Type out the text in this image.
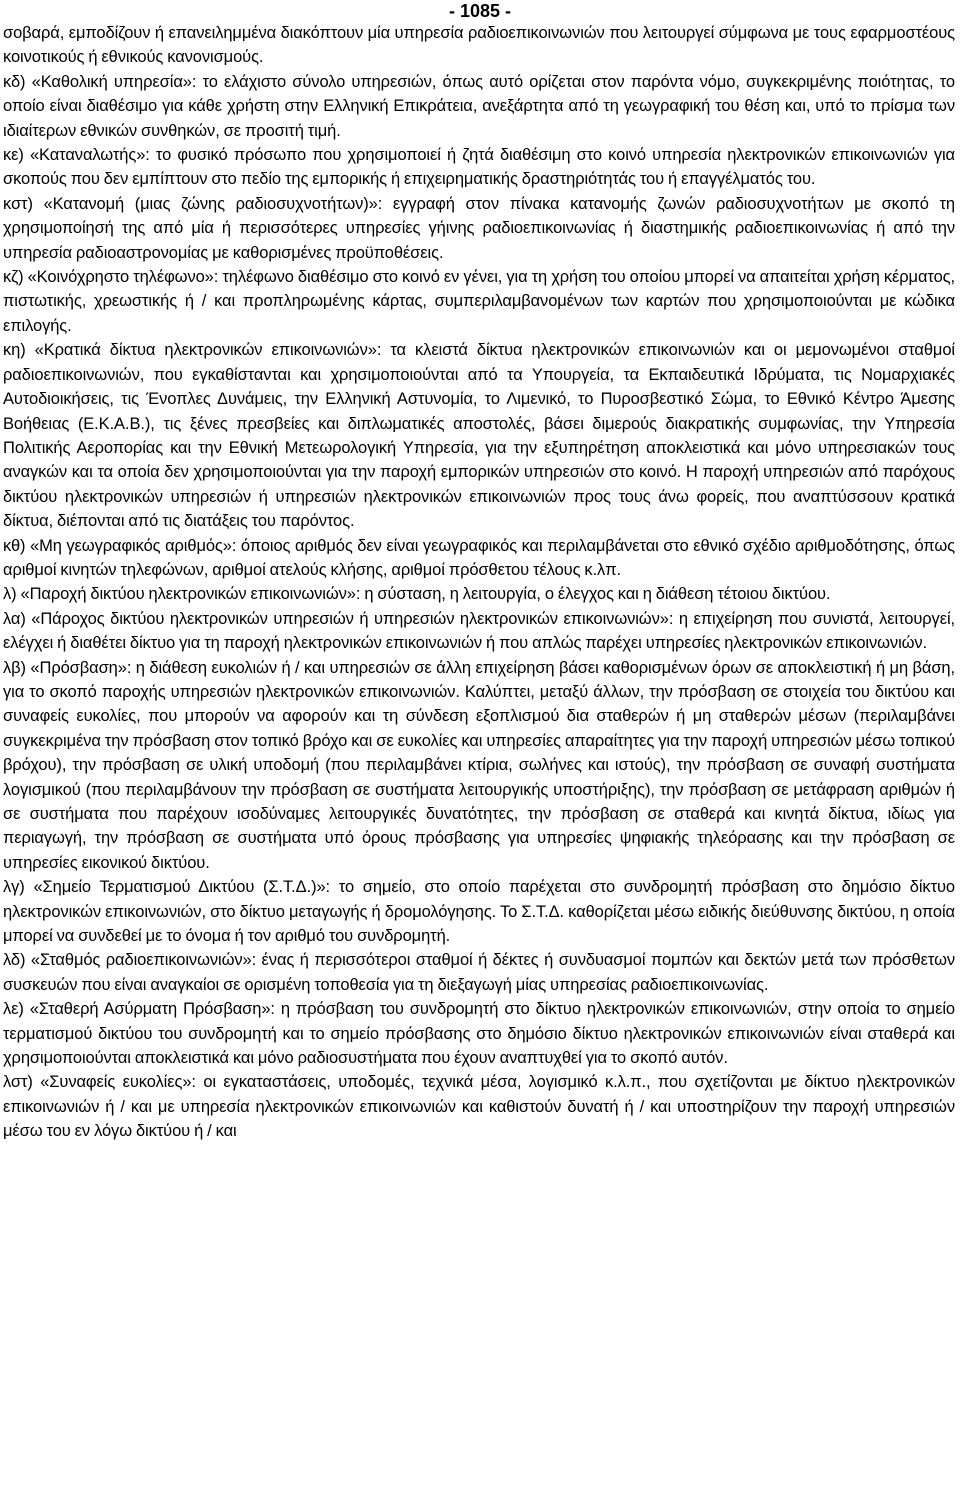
- 1085 -

σοβαρά, εμποδίζουν ή επανειλημμένα διακόπτουν μία υπηρεσία ραδιοεπικοινωνιών που λειτουργεί σύμφωνα με τους εφαρμοστέους κοινοτικούς ή εθνικούς κανονισμούς.

κδ) «Καθολική υπηρεσία»: το ελάχιστο σύνολο υπηρεσιών, όπως αυτό ορίζεται στον παρόντα νόμο, συγκεκριμένης ποιότητας, το οποίο είναι διαθέσιμο για κάθε χρήστη στην Ελληνική Επικράτεια, ανεξάρτητα από τη γεωγραφική του θέση και, υπό το πρίσμα των ιδιαίτερων εθνικών συνθηκών, σε προσιτή τιμή.

κε) «Καταναλωτής»: το φυσικό πρόσωπο που χρησιμοποιεί ή ζητά διαθέσιμη στο κοινό υπηρεσία ηλεκτρονικών επικοινωνιών για σκοπούς που δεν εμπίπτουν στο πεδίο της εμπορικής ή επιχειρηματικής δραστηριότητάς του ή επαγγέλματός του.

κστ) «Κατανομή (μιας ζώνης ραδιοσυχνοτήτων)»: εγγραφή στον πίνακα κατανομής ζωνών ραδιοσυχνοτήτων με σκοπό τη χρησιμοποίησή της από μία ή περισσότερες υπηρεσίες γήινης ραδιοεπικοινωνίας ή διαστημικής ραδιοεπικοινωνίας ή από την υπηρεσία ραδιοαστρονομίας με καθορισμένες προϋποθέσεις.

κζ) «Κοινόχρηστο τηλέφωνο»: τηλέφωνο διαθέσιμο στο κοινό εν γένει, για τη χρήση του οποίου μπορεί να απαιτείται χρήση κέρματος, πιστωτικής, χρεωστικής ή / και προπληρωμένης κάρτας, συμπεριλαμβανομένων των καρτών που χρησιμοποιούνται με κώδικα επιλογής.

κη) «Κρατικά δίκτυα ηλεκτρονικών επικοινωνιών»: τα κλειστά δίκτυα ηλεκτρονικών επικοινωνιών και οι μεμονωμένοι σταθμοί ραδιοεπικοινωνιών, που εγκαθίστανται και χρησιμοποιούνται από τα Υπουργεία, τα Εκπαιδευτικά Ιδρύματα, τις Νομαρχιακές Αυτοδιοικήσεις, τις Ένοπλες Δυνάμεις, την Ελληνική Αστυνομία, το Λιμενικό, το Πυροσβεστικό Σώμα, το Εθνικό Κέντρο Άμεσης Βοήθειας (Ε.Κ.Α.Β.), τις ξένες πρεσβείες και διπλωματικές αποστολές, βάσει διμερούς διακρατικής συμφωνίας, την Υπηρεσία Πολιτικής Αεροπορίας και την Εθνική Μετεωρολογική Υπηρεσία, για την εξυπηρέτηση αποκλειστικά και μόνο υπηρεσιακών τους αναγκών και τα οποία δεν χρησιμοποιούνται για την παροχή εμπορικών υπηρεσιών στο κοινό. Η παροχή υπηρεσιών από παρόχους δικτύου ηλεκτρονικών υπηρεσιών ή υπηρεσιών ηλεκτρονικών επικοινωνιών προς τους άνω φορείς, που αναπτύσσουν κρατικά δίκτυα, διέπονται από τις διατάξεις του παρόντος.

κθ) «Μη γεωγραφικός αριθμός»: όποιος αριθμός δεν είναι γεωγραφικός και περιλαμβάνεται στο εθνικό σχέδιο αριθμοδότησης, όπως αριθμοί κινητών τηλεφώνων, αριθμοί ατελούς κλήσης, αριθμοί πρόσθετου τέλους κ.λπ.

λ) «Παροχή δικτύου ηλεκτρονικών επικοινωνιών»: η σύσταση, η λειτουργία, ο έλεγχος και η διάθεση τέτοιου δικτύου.

λα) «Πάροχος δικτύου ηλεκτρονικών υπηρεσιών ή υπηρεσιών ηλεκτρονικών επικοινωνιών»: η επιχείρηση που συνιστά, λειτουργεί, ελέγχει ή διαθέτει δίκτυο για τη παροχή ηλεκτρονικών επικοινωνιών ή που απλώς παρέχει υπηρεσίες ηλεκτρονικών επικοινωνιών.

λβ) «Πρόσβαση»: η διάθεση ευκολιών ή / και υπηρεσιών σε άλλη επιχείρηση βάσει καθορισμένων όρων σε αποκλειστική ή μη βάση, για το σκοπό παροχής υπηρεσιών ηλεκτρονικών επικοινωνιών. Καλύπτει, μεταξύ άλλων, την πρόσβαση σε στοιχεία του δικτύου και συναφείς ευκολίες, που μπορούν να αφορούν και τη σύνδεση εξοπλισμού δια σταθερών ή μη σταθερών μέσων (περιλαμβάνει συγκεκριμένα την πρόσβαση στον τοπικό βρόχο και σε ευκολίες και υπηρεσίες απαραίτητες για την παροχή υπηρεσιών μέσω τοπικού βρόχου), την πρόσβαση σε υλική υποδομή (που περιλαμβάνει κτίρια, σωλήνες και ιστούς), την πρόσβαση σε συναφή συστήματα λογισμικού (που περιλαμβάνουν την πρόσβαση σε συστήματα λειτουργικής υποστήριξης), την πρόσβαση σε μετάφραση αριθμών ή σε συστήματα που παρέχουν ισοδύναμες λειτουργικές δυνατότητες, την πρόσβαση σε σταθερά και κινητά δίκτυα, ιδίως για περιαγωγή, την πρόσβαση σε συστήματα υπό όρους πρόσβασης για υπηρεσίες ψηφιακής τηλεόρασης και την πρόσβαση σε υπηρεσίες εικονικού δικτύου.

λγ) «Σημείο Τερματισμού Δικτύου (Σ.Τ.Δ.)»: το σημείο, στο οποίο παρέχεται στο συνδρομητή πρόσβαση στο δημόσιο δίκτυο ηλεκτρονικών επικοινωνιών, στο δίκτυο μεταγωγής ή δρομολόγησης. Το Σ.Τ.Δ. καθορίζεται μέσω ειδικής διεύθυνσης δικτύου, η οποία μπορεί να συνδεθεί με το όνομα ή τον αριθμό του συνδρομητή.

λδ) «Σταθμός ραδιοεπικοινωνιών»: ένας ή περισσότεροι σταθμοί ή δέκτες ή συνδυασμοί πομπών και δεκτών μετά των πρόσθετων συσκευών που είναι αναγκαίοι σε ορισμένη τοποθεσία για τη διεξαγωγή μίας υπηρεσίας ραδιοεπικοινωνίας.

λε) «Σταθερή Ασύρματη Πρόσβαση»: η πρόσβαση του συνδρομητή στο δίκτυο ηλεκτρονικών επικοινωνιών, στην οποία το σημείο τερματισμού δικτύου του συνδρομητή και το σημείο πρόσβασης στο δημόσιο δίκτυο ηλεκτρονικών επικοινωνιών είναι σταθερά και χρησιμοποιούνται αποκλειστικά και μόνο ραδιοσυστήματα που έχουν αναπτυχθεί για το σκοπό αυτόν.

λστ) «Συναφείς ευκολίες»: οι εγκαταστάσεις, υποδομές, τεχνικά μέσα, λογισμικό κ.λ.π., που σχετίζονται με δίκτυο ηλεκτρονικών επικοινωνιών ή / και με υπηρεσία ηλεκτρονικών επικοινωνιών και καθιστούν δυνατή ή / και υποστηρίζουν την παροχή υπηρεσιών μέσω του εν λόγω δικτύου ή / και
